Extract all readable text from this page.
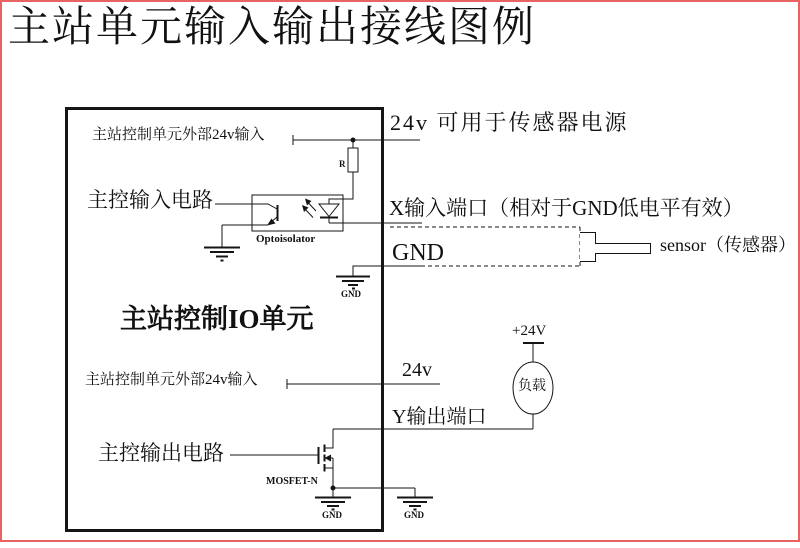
主站单元输入输出接线图例
主站控制单元外部24v输入
主控输入电路
主站控制IO单元
主站控制单元外部24v输入
主控输出电路
24v 可用于传感器电源
X输入端口（相对于GND低电平有效）
GND	sensor（传感器）
24v
Y输出端口
+24V
负载
Optoisolator
MOSFET-N
R
GND
GND	GND
